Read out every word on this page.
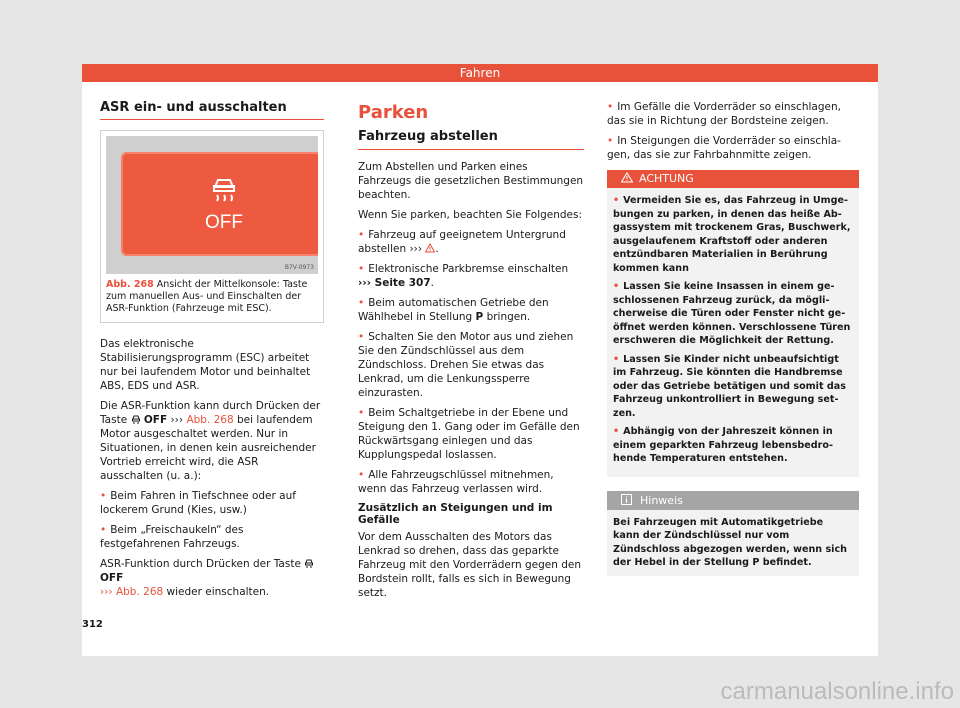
Fahren
ASR ein- und ausschalten
OFF
B7V-0973
Abb. 268 Ansicht der Mittelkonsole: Taste zum manuellen Aus- und Einschalten der ASR-Funktion (Fahrzeuge mit ESC).

Das elektronische Stabilisierungsprogramm (ESC) arbeitet nur bei laufendem Motor und beinhaltet ABS, EDS und ASR.

Die ASR-Funktion kann durch Drücken der Taste OFF ››› Abb. 268 bei laufendem Motor ausgeschaltet werden. Nur in Situationen, in denen kein ausreichender Vortrieb erreicht wird, die ASR ausschalten (u. a.):

• Beim Fahren in Tiefschnee oder auf lockerem Grund (Kies, usw.)

• Beim „Freischaukeln“ des festgefahrenen Fahrzeugs.

ASR-Funktion durch Drücken der Taste  OFF
››› Abb. 268 wieder einschalten.

Parken
Fahrzeug abstellen

Zum Abstellen und Parken eines Fahrzeugs die gesetzlichen Bestimmungen beachten.

Wenn Sie parken, beachten Sie Folgendes:

• Fahrzeug auf geeignetem Untergrund abstellen ››› .

• Elektronische Parkbremse einschalten
››› Seite 307.

• Beim automatischen Getriebe den Wählhebel in Stellung P bringen.

• Schalten Sie den Motor aus und ziehen Sie den Zündschlüssel aus dem Zündschloss. Drehen Sie etwas das Lenkrad, um die Lenkungssperre einzurasten.

• Beim Schaltgetriebe in der Ebene und Steigung den 1. Gang oder im Gefälle den Rückwärtsgang einlegen und das Kupplungspedal loslassen.

• Alle Fahrzeugschlüssel mitnehmen, wenn das Fahrzeug verlassen wird.

Zusätzlich an Steigungen und im Gefälle

Vor dem Ausschalten des Motors das Lenkrad so drehen, dass das geparkte Fahrzeug mit den Vorderrädern gegen den Bordstein rollt, falls es sich in Bewegung setzt.

• Im Gefälle die Vorderräder so einschlagen, das sie in Richtung der Bordsteine zeigen.

• In Steigungen die Vorderräder so einschlagen, das sie zur Fahrbahnmitte zeigen.

ACHTUNG

• Vermeiden Sie es, das Fahrzeug in Umgebungen zu parken, in denen das heiße Abgassystem mit trockenem Gras, Buschwerk, ausgelaufenem Kraftstoff oder anderen entzündbaren Materialien in Berührung kommen kann

• Lassen Sie keine Insassen in einem geschlossenen Fahrzeug zurück, da möglicherweise die Türen oder Fenster nicht geöffnet werden können. Verschlossene Türen erschweren die Möglichkeit der Rettung.

• Lassen Sie Kinder nicht unbeaufsichtigt im Fahrzeug. Sie könnten die Handbremse oder das Getriebe betätigen und somit das Fahrzeug unkontrolliert in Bewegung setzen.

• Abhängig von der Jahreszeit können in einem geparkten Fahrzeug lebensbedrohende Temperaturen entstehen.

Hinweis

Bei Fahrzeugen mit Automatikgetriebe kann der Zündschlüssel nur vom Zündschloss abgezogen werden, wenn sich der Hebel in der Stellung P befindet.

312
carmanualsonline.info
